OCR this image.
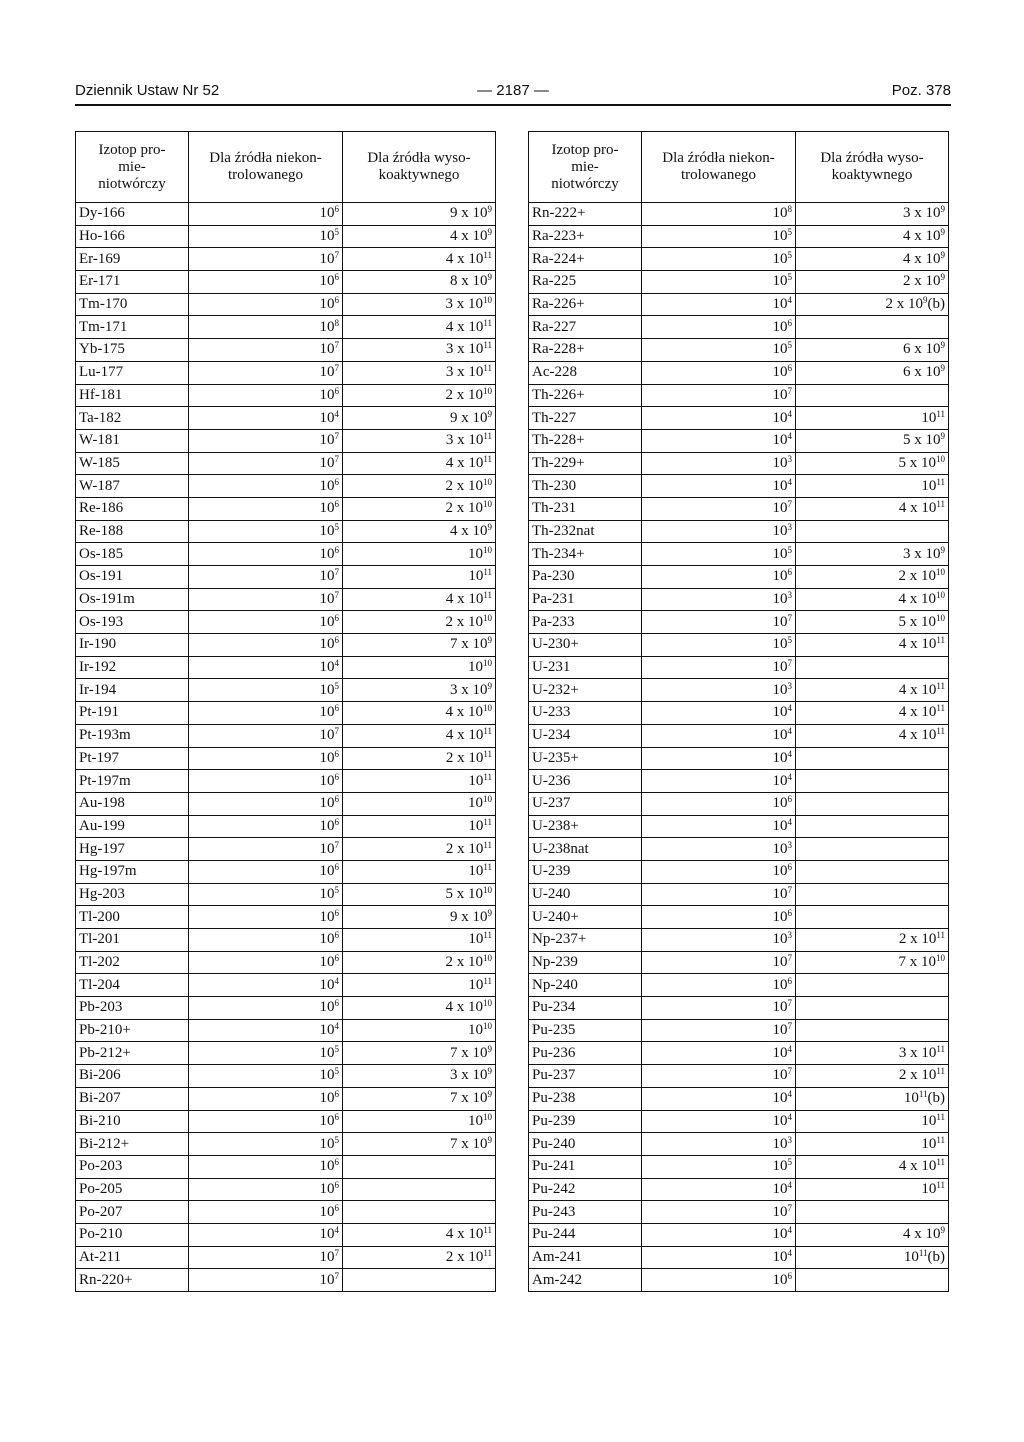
Dziennik Ustaw Nr 52	— 2187 —	Poz. 378
Izotop pro-
mie-
niotwórczy	Dla źródła niekon-
trolowanego	Dla źródła wyso-
koaktywnego
Dy-166	$10^6$	9 x $10^9$
Ho-166	$10^5$	4 x $10^9$
Er-169	$10^7$	4 x $10^{11}$
Er-171	$10^6$	8 x $10^9$
Tm-170	$10^6$	3 x $10^{10}$
Tm-171	$10^8$	4 x $10^{11}$
Yb-175	$10^7$	3 x $10^{11}$
Lu-177	$10^7$	3 x $10^{11}$
Hf-181	$10^6$	2 x $10^{10}$
Ta-182	$10^4$	9 x $10^9$
W-181	$10^7$	3 x $10^{11}$
W-185	$10^7$	4 x $10^{11}$
W-187	$10^6$	2 x $10^{10}$
Re-186	$10^6$	2 x $10^{10}$
Re-188	$10^5$	4 x $10^9$
Os-185	$10^6$	$10^{10}$
Os-191	$10^7$	$10^{11}$
Os-191m	$10^7$	4 x $10^{11}$
Os-193	$10^6$	2 x $10^{10}$
Ir-190	$10^6$	7 x $10^9$
Ir-192	$10^4$	$10^{10}$
Ir-194	$10^5$	3 x $10^9$
Pt-191	$10^6$	4 x $10^{10}$
Pt-193m	$10^7$	4 x $10^{11}$
Pt-197	$10^6$	2 x $10^{11}$
Pt-197m	$10^6$	$10^{11}$
Au-198	$10^6$	$10^{10}$
Au-199	$10^6$	$10^{11}$
Hg-197	$10^7$	2 x $10^{11}$
Hg-197m	$10^6$	$10^{11}$
Hg-203	$10^5$	5 x $10^{10}$
Tl-200	$10^6$	9 x $10^9$
Tl-201	$10^6$	$10^{11}$
Tl-202	$10^6$	2 x $10^{10}$
Tl-204	$10^4$	$10^{11}$
Pb-203	$10^6$	4 x $10^{10}$
Pb-210+	$10^4$	$10^{10}$
Pb-212+	$10^5$	7 x $10^9$
Bi-206	$10^5$	3 x $10^9$
Bi-207	$10^6$	7 x $10^9$
Bi-210	$10^6$	$10^{10}$
Bi-212+	$10^5$	7 x $10^9$
Po-203	$10^6$	
Po-205	$10^6$	
Po-207	$10^6$	
Po-210	$10^4$	4 x $10^{11}$
At-211	$10^7$	2 x $10^{11}$
Rn-220+	$10^7$	
Izotop pro-
mie-
niotwórczy	Dla źródła niekon-
trolowanego	Dla źródła wyso-
koaktywnego
Rn-222+	$10^8$	3 x $10^9$
Ra-223+	$10^5$	4 x $10^9$
Ra-224+	$10^5$	4 x $10^9$
Ra-225	$10^5$	2 x $10^9$
Ra-226+	$10^4$	2 x $10^9(b)$
Ra-227	$10^6$	
Ra-228+	$10^5$	6 x $10^9$
Ac-228	$10^6$	6 x $10^9$
Th-226+	$10^7$	
Th-227	$10^4$	$10^{11}$
Th-228+	$10^4$	5 x $10^9$
Th-229+	$10^3$	5 x $10^{10}$
Th-230	$10^4$	$10^{11}$
Th-231	$10^7$	4 x $10^{11}$
Th-232nat	$10^3$	
Th-234+	$10^5$	3 x $10^9$
Pa-230	$10^6$	2 x $10^{10}$
Pa-231	$10^3$	4 x $10^{10}$
Pa-233	$10^7$	5 x $10^{10}$
U-230+	$10^5$	4 x $10^{11}$
U-231	$10^7$	
U-232+	$10^3$	4 x $10^{11}$
U-233	$10^4$	4 x $10^{11}$
U-234	$10^4$	4 x $10^{11}$
U-235+	$10^4$	
U-236	$10^4$	
U-237	$10^6$	
U-238+	$10^4$	
U-238nat	$10^3$	
U-239	$10^6$	
U-240	$10^7$	
U-240+	$10^6$	
Np-237+	$10^3$	2 x $10^{11}$
Np-239	$10^7$	7 x $10^{10}$
Np-240	$10^6$	
Pu-234	$10^7$	
Pu-235	$10^7$	
Pu-236	$10^4$	3 x $10^{11}$
Pu-237	$10^7$	2 x $10^{11}$
Pu-238	$10^4$	$10^{11}(b)$
Pu-239	$10^4$	$10^{11}$
Pu-240	$10^3$	$10^{11}$
Pu-241	$10^5$	4 x $10^{11}$
Pu-242	$10^4$	$10^{11}$
Pu-243	$10^7$	
Pu-244	$10^4$	4 x $10^9$
Am-241	$10^4$	$10^{11}(b)$
Am-242	$10^6$	
